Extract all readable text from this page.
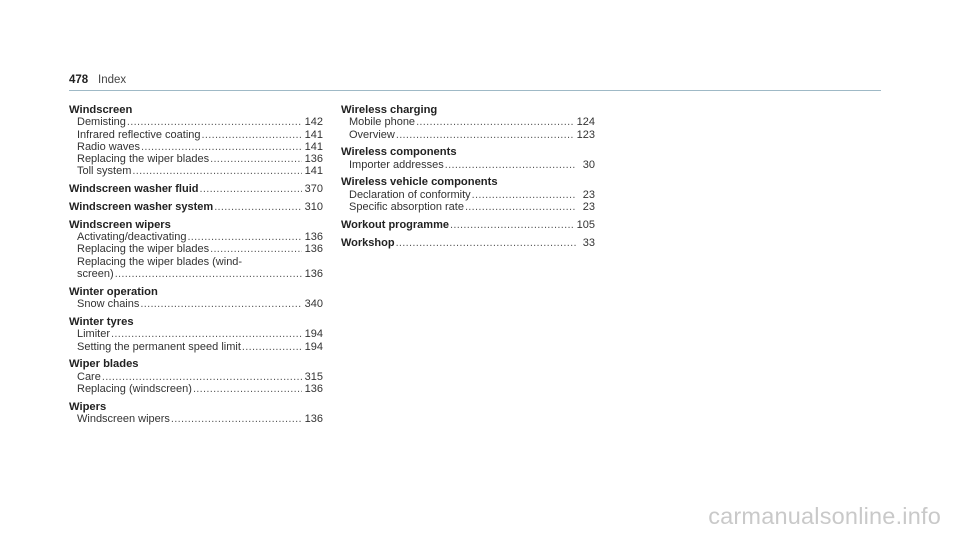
478 Index
Windscreen
Demisting .....	142
Infrared reflective coating .....	141
Radio waves .....	141
Replacing the wiper blades .....	136
Toll system .....	141
Windscreen washer fluid .....	370
Windscreen washer system .....	310
Windscreen wipers
Activating/deactivating .....	136
Replacing the wiper blades .....	136
Replacing the wiper blades (wind-
screen) .....	136
Winter operation
Snow chains .....	340
Winter tyres
Limiter .....	194
Setting the permanent speed limit .....	194
Wiper blades
Care .....	315
Replacing (windscreen) .....	136
Wipers
Windscreen wipers .....	136
Wireless charging
Mobile phone .....	124
Overview .....	123
Wireless components
Importer addresses .....	30
Wireless vehicle components
Declaration of conformity .....	23
Specific absorption rate .....	23
Workout programme .....	105
Workshop .....	33
carmanualsonline.info
